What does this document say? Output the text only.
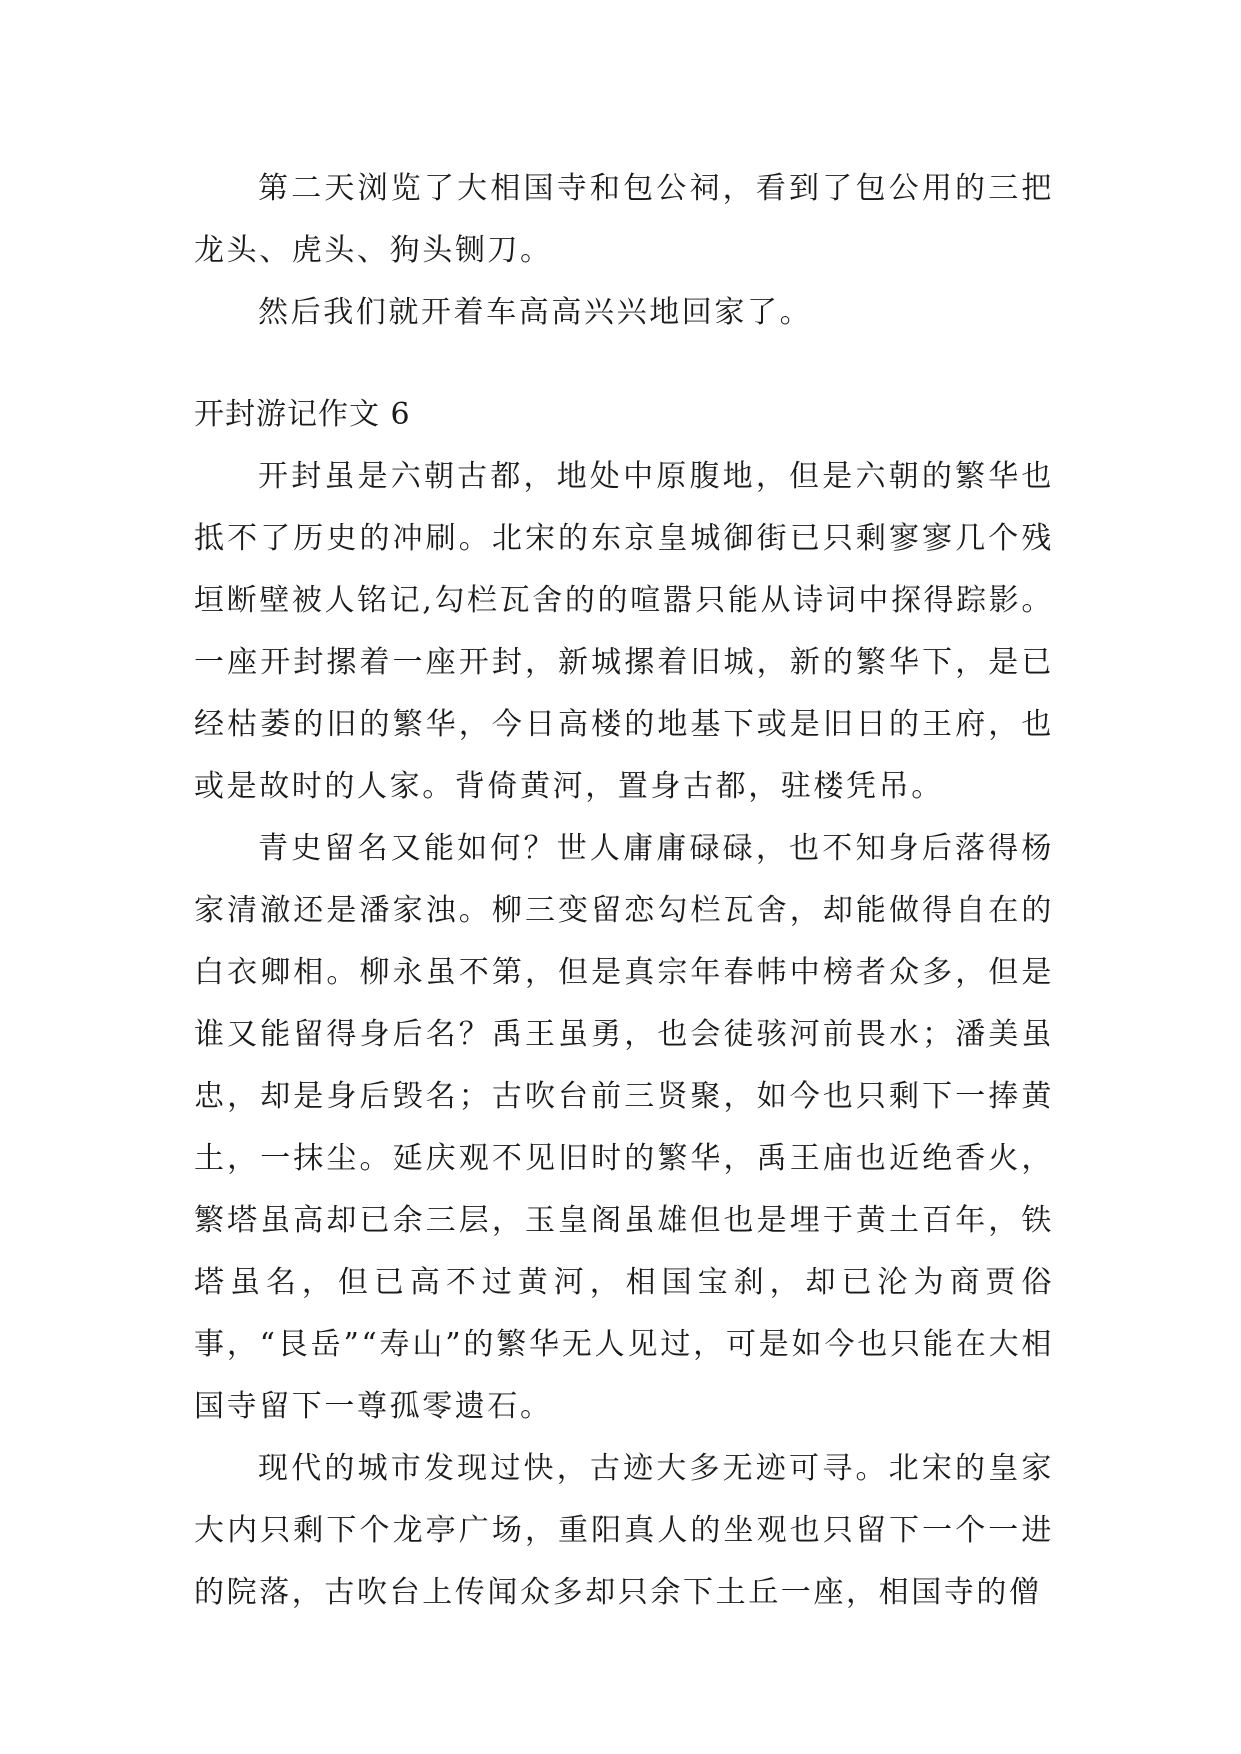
第二天浏览了大相国寺和包公祠，看到了包公用的三把龙头、虎头、狗头铡刀。

然后我们就开着车高高兴兴地回家了。

开封游记作文 6

开封虽是六朝古都，地处中原腹地，但是六朝的繁华也抵不了历史的冲刷。北宋的东京皇城御街已只剩寥寥几个残垣断壁被人铭记,勾栏瓦舍的的喧嚣只能从诗词中探得踪影。一座开封摞着一座开封，新城摞着旧城，新的繁华下，是已经枯萎的旧的繁华，今日高楼的地基下或是旧日的王府，也或是故时的人家。背倚黄河，置身古都，驻楼凭吊。

青史留名又能如何？世人庸庸碌碌，也不知身后落得杨家清澈还是潘家浊。柳三变留恋勾栏瓦舍，却能做得自在的白衣卿相。柳永虽不第，但是真宗年春帏中榜者众多，但是谁又能留得身后名？禹王虽勇，也会徒骇河前畏水；潘美虽忠，却是身后毁名；古吹台前三贤聚，如今也只剩下一捧黄土，一抹尘。延庆观不见旧时的繁华，禹王庙也近绝香火，繁塔虽高却已余三层，玉皇阁虽雄但也是埋于黄土百年，铁塔虽名，但已高不过黄河，相国宝刹，却已沦为商贾俗事，“艮岳”“寿山”的繁华无人见过，可是如今也只能在大相国寺留下一尊孤零遗石。

现代的城市发现过快，古迹大多无迹可寻。北宋的皇家大内只剩下个龙亭广场，重阳真人的坐观也只留下一个一进的院落，古吹台上传闻众多却只余下土丘一座，相国寺的僧
